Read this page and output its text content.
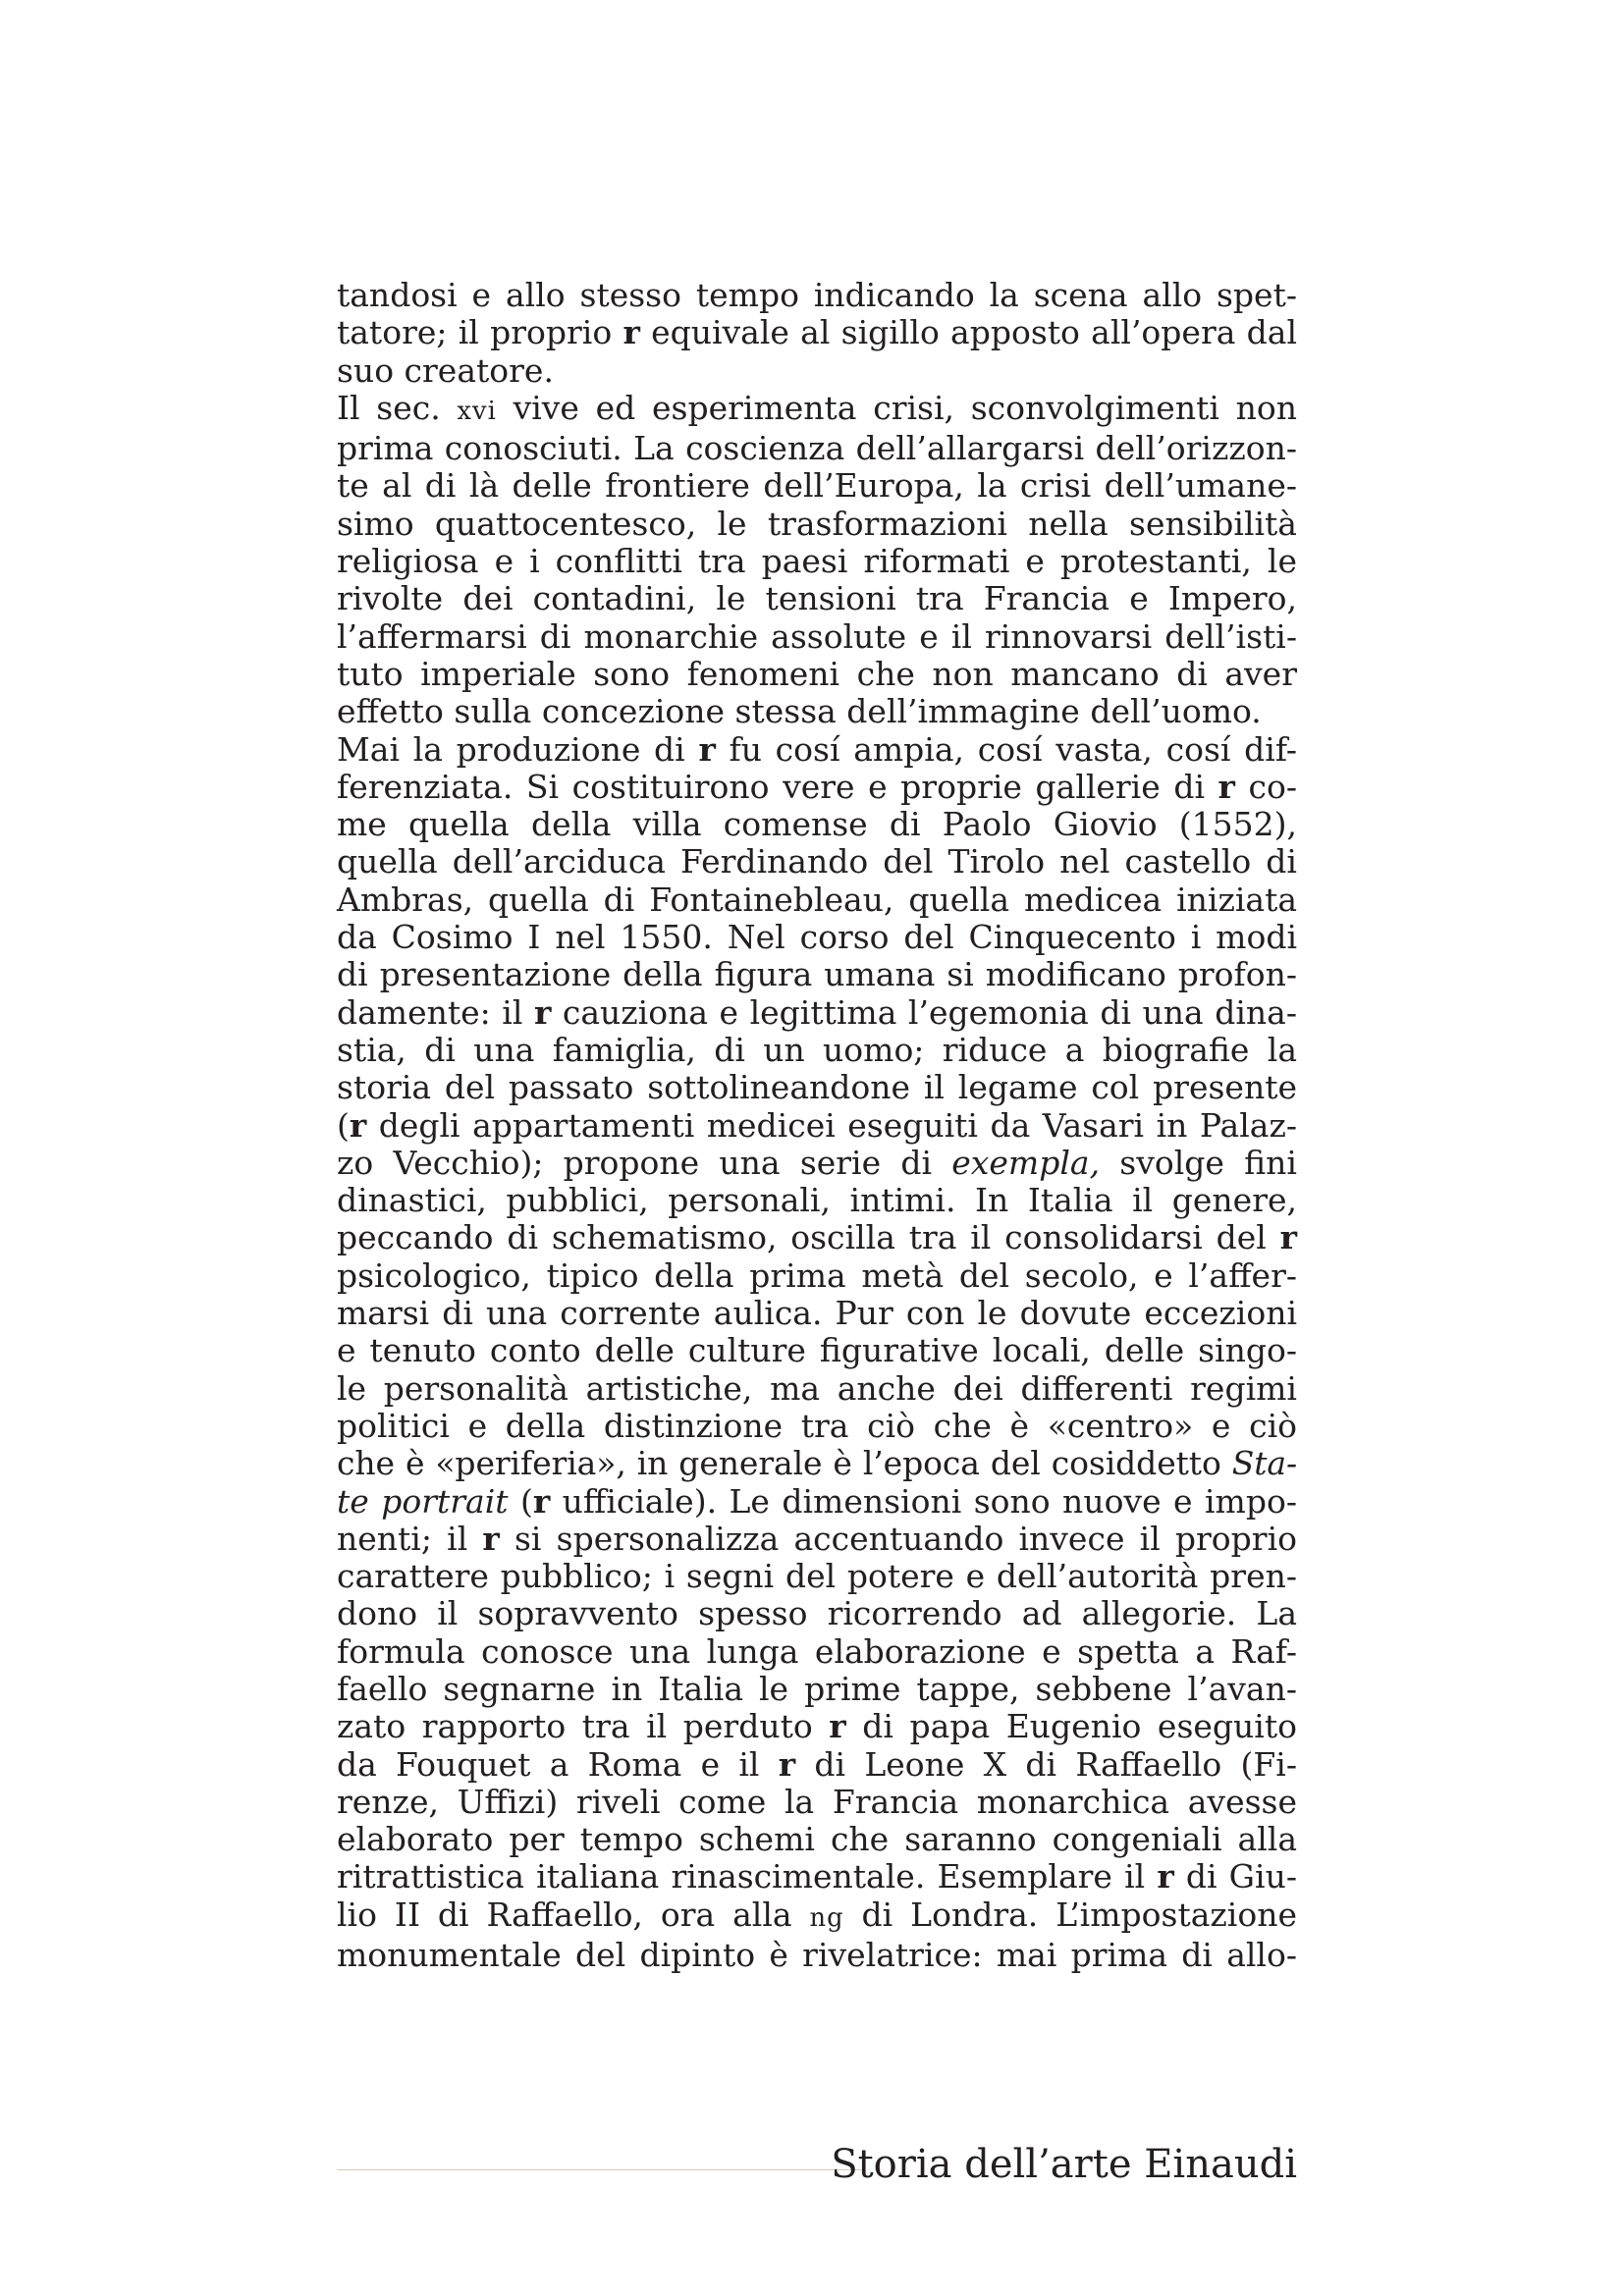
tandosi e allo stesso tempo indicando la scena allo spet-
tatore; il proprio r equivale al sigillo apposto all’opera dal
suo creatore.
Il sec. xvi vive ed esperimenta crisi, sconvolgimenti non
prima conosciuti. La coscienza dell’allargarsi dell’orizzon-
te al di là delle frontiere dell’Europa, la crisi dell’umane-
simo quattocentesco, le trasformazioni nella sensibilità
religiosa e i conflitti tra paesi riformati e protestanti, le
rivolte dei contadini, le tensioni tra Francia e Impero,
l’affermarsi di monarchie assolute e il rinnovarsi dell’isti-
tuto imperiale sono fenomeni che non mancano di aver
effetto sulla concezione stessa dell’immagine dell’uomo.
Mai la produzione di r fu cosí ampia, cosí vasta, cosí dif-
ferenziata. Si costituirono vere e proprie gallerie di r co-
me quella della villa comense di Paolo Giovio (1552),
quella dell’arciduca Ferdinando del Tirolo nel castello di
Ambras, quella di Fontainebleau, quella medicea iniziata
da Cosimo I nel 1550. Nel corso del Cinquecento i modi
di presentazione della figura umana si modificano profon-
damente: il r cauziona e legittima l’egemonia di una dina-
stia, di una famiglia, di un uomo; riduce a biografie la
storia del passato sottolineandone il legame col presente
(r degli appartamenti medicei eseguiti da Vasari in Palaz-
zo Vecchio); propone una serie di exempla, svolge fini
dinastici, pubblici, personali, intimi. In Italia il genere,
peccando di schematismo, oscilla tra il consolidarsi del r
psicologico, tipico della prima metà del secolo, e l’affer-
marsi di una corrente aulica. Pur con le dovute eccezioni
e tenuto conto delle culture figurative locali, delle singo-
le personalità artistiche, ma anche dei differenti regimi
politici e della distinzione tra ciò che è «centro» e ciò
che è «periferia», in generale è l’epoca del cosiddetto Sta-
te portrait (r ufficiale). Le dimensioni sono nuove e impo-
nenti; il r si spersonalizza accentuando invece il proprio
carattere pubblico; i segni del potere e dell’autorità pren-
dono il sopravvento spesso ricorrendo ad allegorie. La
formula conosce una lunga elaborazione e spetta a Raf-
faello segnarne in Italia le prime tappe, sebbene l’avan-
zato rapporto tra il perduto r di papa Eugenio eseguito
da Fouquet a Roma e il r di Leone X di Raffaello (Fi-
renze, Uffizi) riveli come la Francia monarchica avesse
elaborato per tempo schemi che saranno congeniali alla
ritrattistica italiana rinascimentale. Esemplare il r di Giu-
lio II di Raffaello, ora alla ng di Londra. L’impostazione
monumentale del dipinto è rivelatrice: mai prima di allo-
Storia dell’arte Einaudi
